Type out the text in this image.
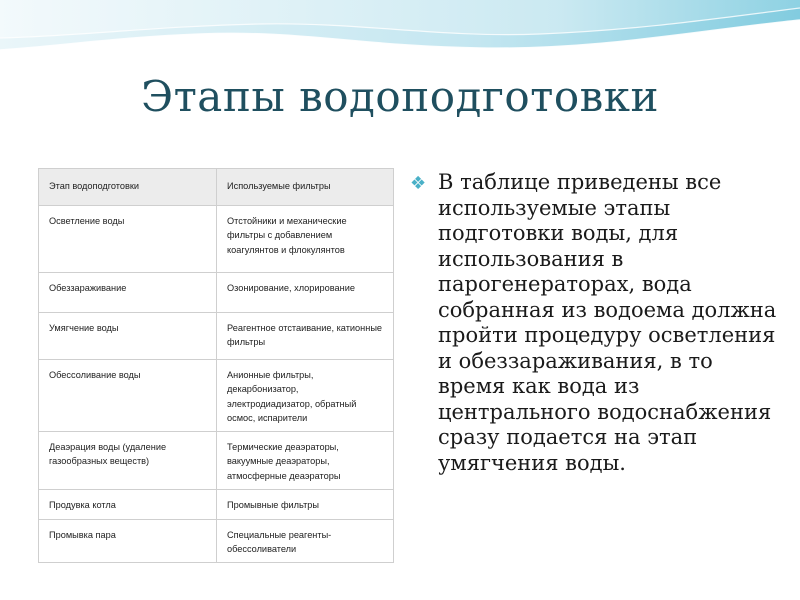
Этапы водоподготовки
Этап водоподготовки	Используемые фильтры
Осветление воды	Отстойники и механические фильтры с добавлением коагулянтов и флокулянтов
Обеззараживание	Озонирование, хлорирование
Умягчение воды	Реагентное отстаивание, катионные фильтры
Обессоливание воды	Анионные фильтры, декарбонизатор, электродиадизатор, обратный осмос, испарители
Деаэрация воды (удаление газообразных веществ)	Термические деаэраторы, вакуумные деаэраторы, атмосферные деаэраторы
Продувка котла	Промывные фильтры
Промывка пара	Специальные реагенты-обессоливатели
❖ В таблице приведены все используемые этапы подготовки воды, для использования в парогенераторах, вода собранная из водоема должна пройти процедуру осветления и обеззараживания, в то время как вода из центрального водоснабжения сразу подается на этап умягчения воды.
